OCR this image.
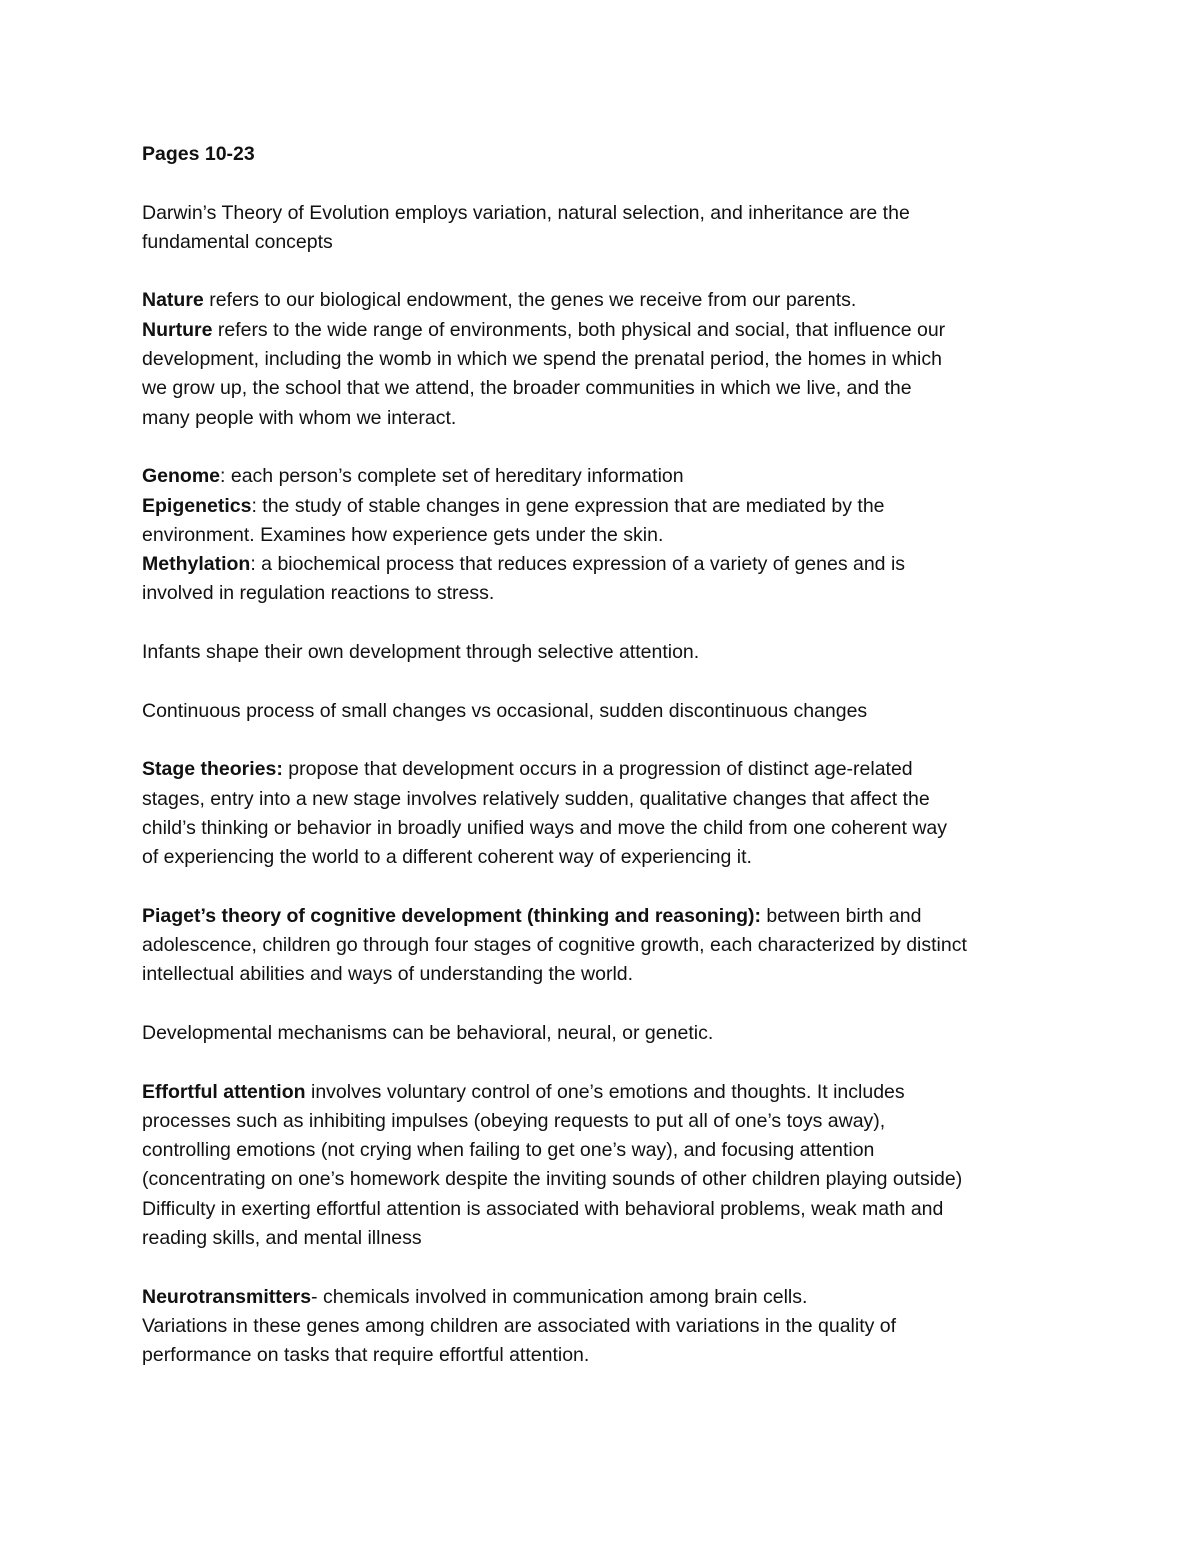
Pages 10-23
Darwin’s Theory of Evolution employs variation, natural selection, and inheritance are the
fundamental concepts
Nature refers to our biological endowment, the genes we receive from our parents.
Nurture refers to the wide range of environments, both physical and social, that influence our
development, including the womb in which we spend the prenatal period, the homes in which
we grow up, the school that we attend, the broader communities in which we live, and the
many people with whom we interact.
Genome: each person’s complete set of hereditary information
Epigenetics: the study of stable changes in gene expression that are mediated by the
environment. Examines how experience gets under the skin.
Methylation: a biochemical process that reduces expression of a variety of genes and is
involved in regulation reactions to stress.
Infants shape their own development through selective attention.
Continuous process of small changes vs occasional, sudden discontinuous changes
Stage theories: propose that development occurs in a progression of distinct age-related
stages, entry into a new stage involves relatively sudden, qualitative changes that affect the
child’s thinking or behavior in broadly unified ways and move the child from one coherent way
of experiencing the world to a different coherent way of experiencing it.
Piaget’s theory of cognitive development (thinking and reasoning): between birth and
adolescence, children go through four stages of cognitive growth, each characterized by distinct
intellectual abilities and ways of understanding the world.
Developmental mechanisms can be behavioral, neural, or genetic.
Effortful attention involves voluntary control of one’s emotions and thoughts. It includes
processes such as inhibiting impulses (obeying requests to put all of one’s toys away),
controlling emotions (not crying when failing to get one’s way), and focusing attention
(concentrating on one’s homework despite the inviting sounds of other children playing outside)
Difficulty in exerting effortful attention is associated with behavioral problems, weak math and
reading skills, and mental illness
Neurotransmitters- chemicals involved in communication among brain cells.
Variations in these genes among children are associated with variations in the quality of
performance on tasks that require effortful attention.
